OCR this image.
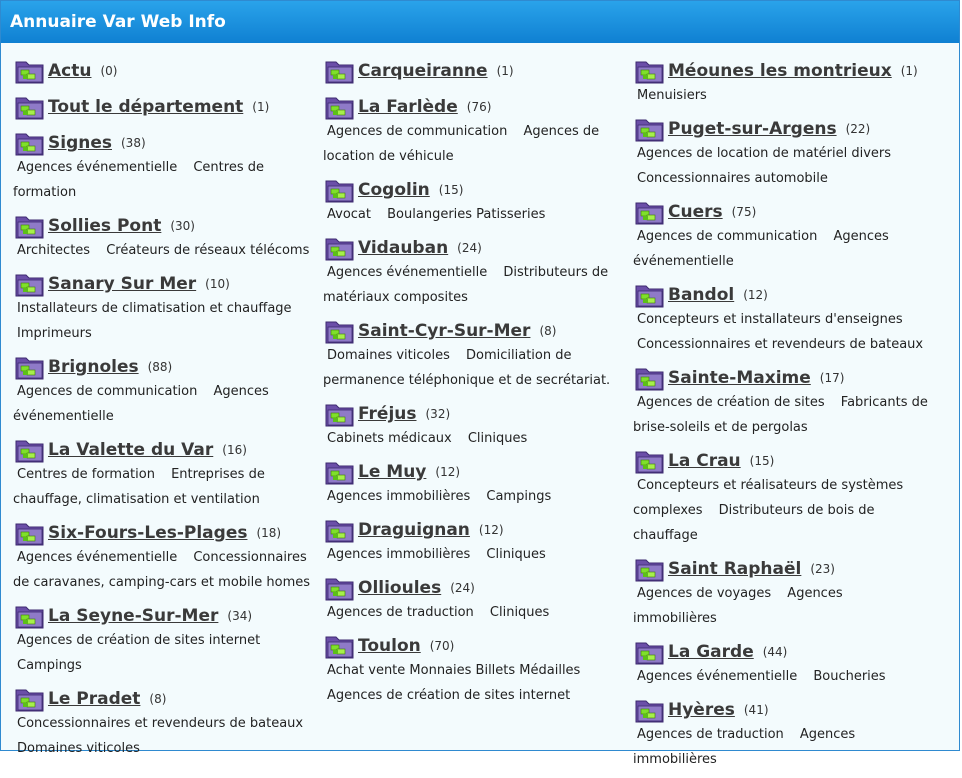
Annuaire Var Web Info
Actu (0)
Tout le département (1)
Signes (38)
Agences événementielle Centres de formation
Sollies Pont (30)
Architectes Créateurs de réseaux télécoms
Sanary Sur Mer (10)
Installateurs de climatisation et chauffage Imprimeurs
Brignoles (88)
Agences de communication Agences événementielle
La Valette du Var (16)
Centres de formation Entreprises de chauffage, climatisation et ventilation
Six-Fours-Les-Plages (18)
Agences événementielle Concessionnaires de caravanes, camping-cars et mobile homes
La Seyne-Sur-Mer (34)
Agences de création de sites internet Campings
Le Pradet (8)
Concessionnaires et revendeurs de bateaux Domaines viticoles
Carqueiranne (1)
La Farlède (76)
Agences de communication Agences de location de véhicule
Cogolin (15)
Avocat Boulangeries Patisseries
Vidauban (24)
Agences événementielle Distributeurs de matériaux composites
Saint-Cyr-Sur-Mer (8)
Domaines viticoles Domiciliation de permanence téléphonique et de secrétariat.
Fréjus (32)
Cabinets médicaux Cliniques
Le Muy (12)
Agences immobilières Campings
Draguignan (12)
Agences immobilières Cliniques
Ollioules (24)
Agences de traduction Cliniques
Toulon (70)
Achat vente Monnaies Billets Médailles Agences de création de sites internet
Méounes les montrieux (1)
Menuisiers
Puget-sur-Argens (22)
Agences de location de matériel divers Concessionnaires automobile
Cuers (75)
Agences de communication Agences événementielle
Bandol (12)
Concepteurs et installateurs d'enseignes Concessionnaires et revendeurs de bateaux
Sainte-Maxime (17)
Agences de création de sites Fabricants de brise-soleils et de pergolas
La Crau (15)
Concepteurs et réalisateurs de systèmes complexes Distributeurs de bois de chauffage
Saint Raphaël (23)
Agences de voyages Agences immobilières
La Garde (44)
Agences événementielle Boucheries
Hyères (41)
Agences de traduction Agences immobilières
